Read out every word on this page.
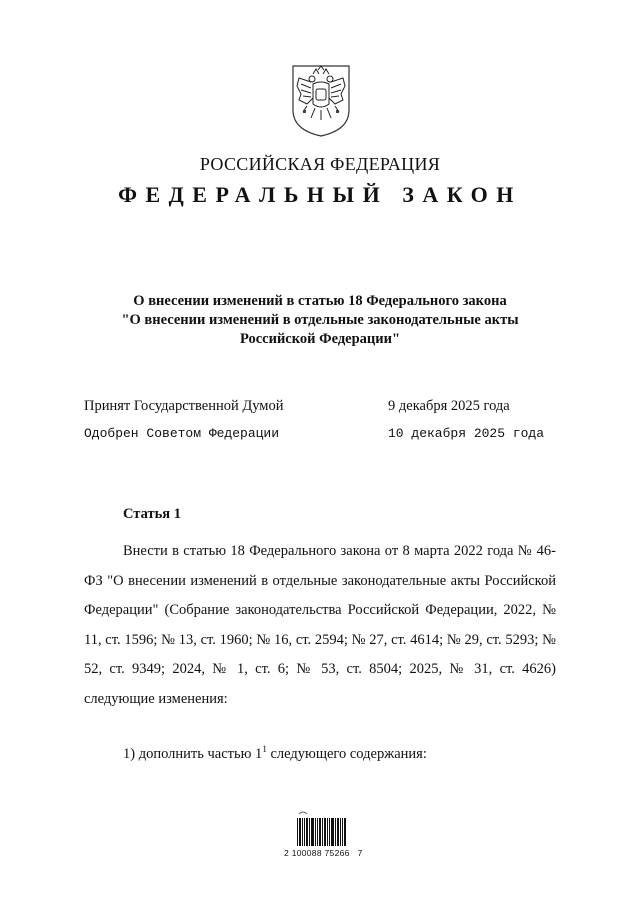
РОССИЙСКАЯ ФЕДЕРАЦИЯ
ФЕДЕРАЛЬНЫЙ ЗАКОН
О внесении изменений в статью 18 Федерального закона
"О внесении изменений в отдельные законодательные акты
Российской Федерации"
Принят Государственной Думой	9 декабря 2025 года
Одобрен Советом Федерации	10 декабря 2025 года
Статья 1

Внести в статью 18 Федерального закона от 8 марта 2022 года № 46-ФЗ "О внесении изменений в отдельные законодательные акты Российской Федерации" (Собрание законодательства Российской Федерации, 2022, № 11, ст. 1596; № 13, ст. 1960; № 16, ст. 2594; № 27, ст. 4614; № 29, ст. 5293; № 52, ст. 9349; 2024, № 1, ст. 6; № 53, ст. 8504; 2025, № 31, ст. 4626) следующие изменения:

1) дополнить частью $1^1$ следующего содержания:
2 100088 75266   7
